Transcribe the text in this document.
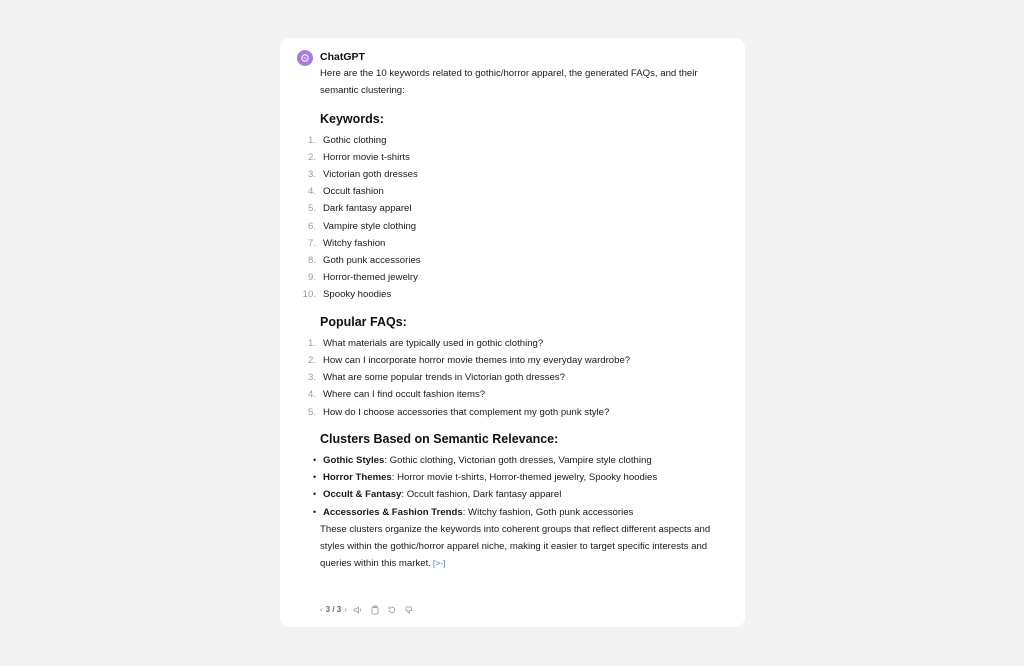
ChatGPT

Here are the 10 keywords related to gothic/horror apparel, the generated FAQs, and their semantic clustering:

Keywords:
1. Gothic clothing
2. Horror movie t-shirts
3. Victorian goth dresses
4. Occult fashion
5. Dark fantasy apparel
6. Vampire style clothing
7. Witchy fashion
8. Goth punk accessories
9. Horror-themed jewelry
10. Spooky hoodies
Popular FAQs:
1. What materials are typically used in gothic clothing?
2. How can I incorporate horror movie themes into my everyday wardrobe?
3. What are some popular trends in Victorian goth dresses?
4. Where can I find occult fashion items?
5. How do I choose accessories that complement my goth punk style?
Clusters Based on Semantic Relevance:
• Gothic Styles: Gothic clothing, Victorian goth dresses, Vampire style clothing
• Horror Themes: Horror movie t-shirts, Horror-themed jewelry, Spooky hoodies
• Occult & Fantasy: Occult fashion, Dark fantasy apparel
• Accessories & Fashion Trends: Witchy fashion, Goth punk accessories

These clusters organize the keywords into coherent groups that reflect different aspects and styles within the gothic/horror apparel niche, making it easier to target specific interests and queries within this market. [>-]

‹ 3 / 3 ›
